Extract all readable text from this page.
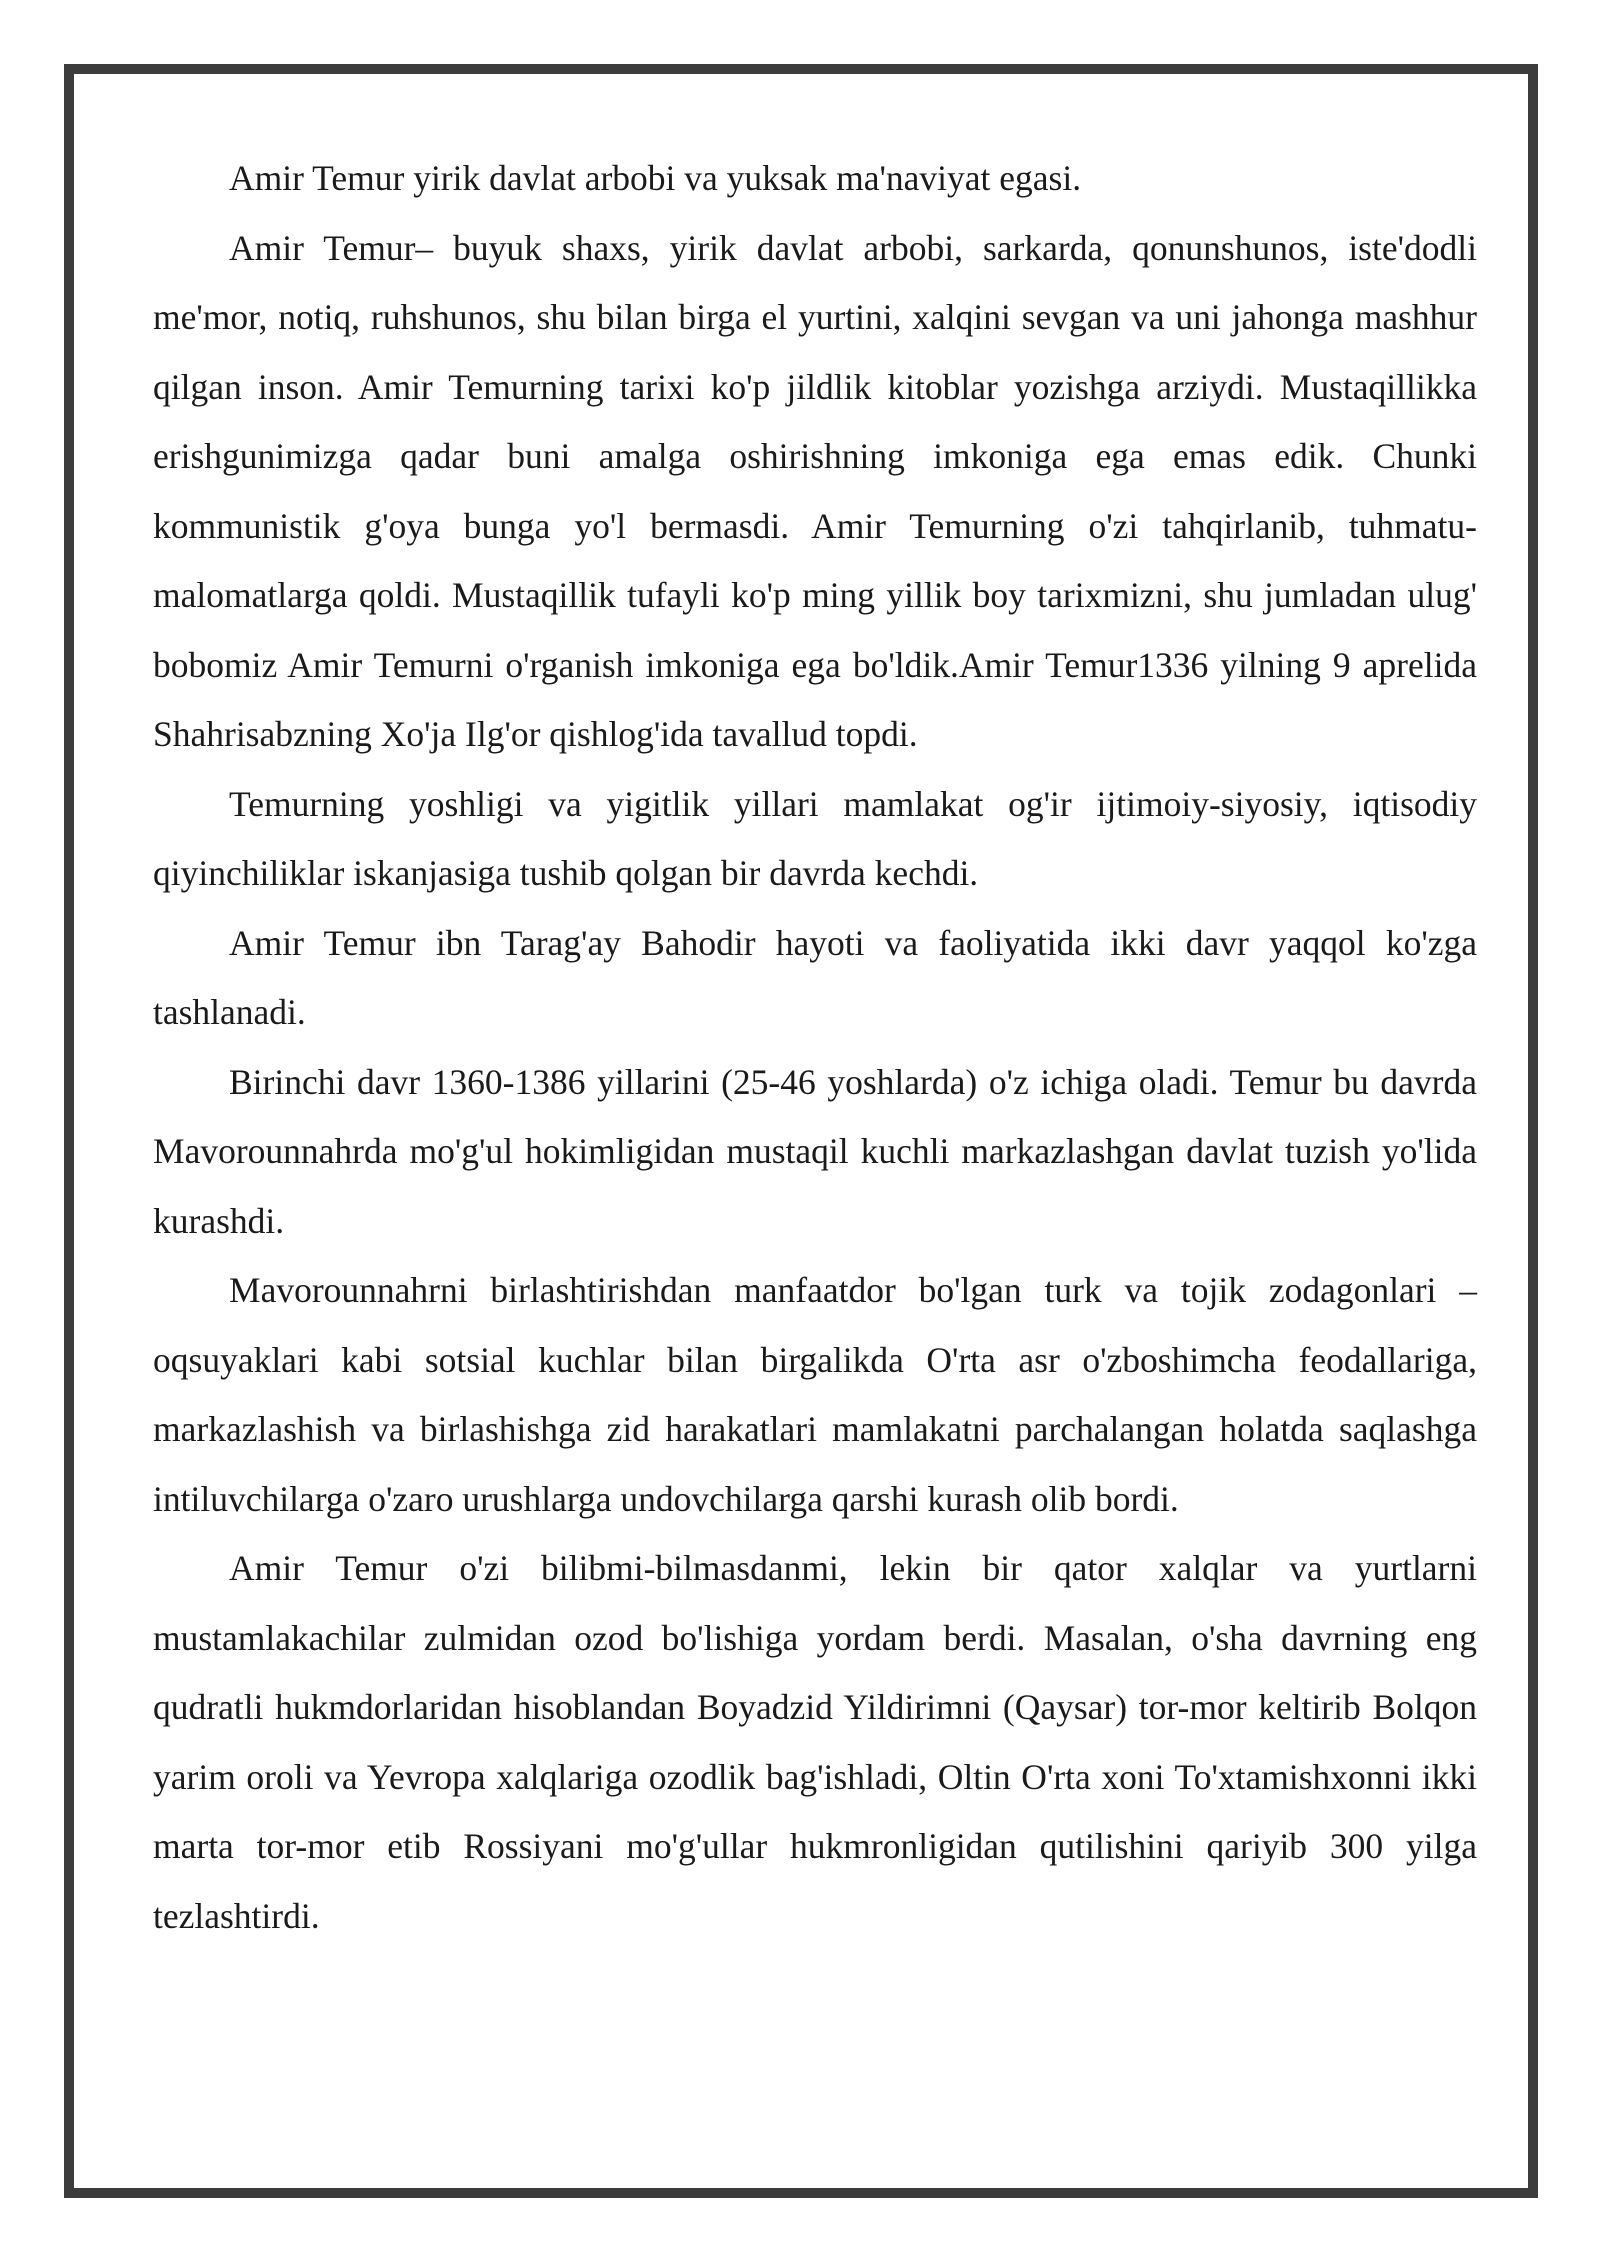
Amir Temur yirik davlat arbobi va yuksak ma'naviyat egasi.

Amir Temur– buyuk shaxs, yirik davlat arbobi, sarkarda, qonunshunos, iste'dodli me'mor, notiq, ruhshunos, shu bilan birga el yurtini, xalqini sevgan va uni jahonga mashhur qilgan inson. Amir Temurning tarixi ko'p jildlik kitoblar yozishga arziydi. Mustaqillikka erishgunimizga qadar buni amalga oshirishning imkoniga ega emas edik. Chunki kommunistik g'oya bunga yo'l bermasdi. Amir Temurning o'zi tahqirlanib, tuhmatu-malomatlarga qoldi. Mustaqillik tufayli ko'p ming yillik boy tarixmizni, shu jumladan ulug' bobomiz Amir Temurni o'rganish imkoniga ega bo'ldik.Amir Temur1336 yilning 9 aprelida Shahrisabzning Xo'ja Ilg'or qishlog'ida tavallud topdi.

Temurning yoshligi va yigitlik yillari mamlakat og'ir ijtimoiy-siyosiy, iqtisodiy qiyinchiliklar iskanjasiga tushib qolgan bir davrda kechdi.

Amir Temur ibn Tarag'ay Bahodir hayoti va faoliyatida ikki davr yaqqol ko'zga tashlanadi.

Birinchi davr 1360-1386 yillarini (25-46 yoshlarda) o'z ichiga oladi. Temur bu davrda Mavorounnahrda mo'g'ul hokimligidan mustaqil kuchli markazlashgan davlat tuzish yo'lida kurashdi.

Mavorounnahrni birlashtirishdan manfaatdor bo'lgan turk va tojik zodagonlari – oqsuyaklari kabi sotsial kuchlar bilan birgalikda O'rta asr o'zboshimcha feodallariga, markazlashish va birlashishga zid harakatlari mamlakatni parchalangan holatda saqlashga intiluvchilarga o'zaro urushlarga undovchilarga qarshi kurash olib bordi.

Amir Temur o'zi bilibmi-bilmasdanmi, lekin bir qator xalqlar va yurtlarni mustamlakachilar zulmidan ozod bo'lishiga yordam berdi. Masalan, o'sha davrning eng qudratli hukmdorlaridan hisoblandan Boyadzid Yildirimni (Qaysar) tor-mor keltirib Bolqon yarim oroli va Yevropa xalqlariga ozodlik bag'ishladi, Oltin O'rta xoni To'xtamishxonni ikki marta tor-mor etib Rossiyani mo'g'ullar hukmronligidan qutilishini qariyib 300 yilga tezlashtirdi.
